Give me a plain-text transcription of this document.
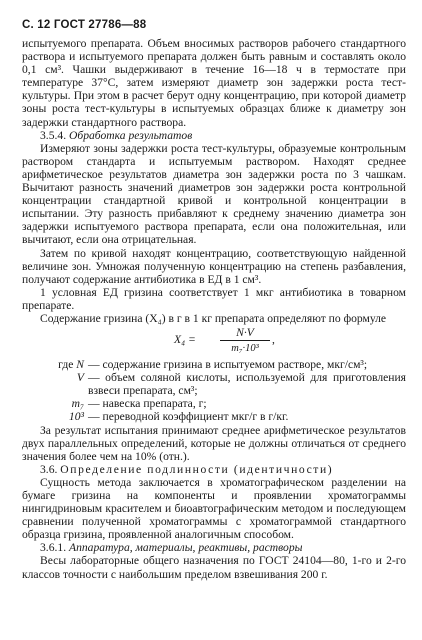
С. 12 ГОСТ 27786—88

испытуемого препарата. Объем вносимых растворов рабочего стандартного раствора и испытуемого препарата должен быть равным и составлять около 0,1 см³. Чашки выдерживают в течение 16—18 ч в термостате при температуре 37°С, затем измеряют диаметр зон задержки роста тест-культуры. При этом в расчет берут одну концентрацию, при которой диаметр зоны роста тест-культуры в испытуемых образцах ближе к диаметру зон задержки стандартного раствора.

3.5.4. Обработка результатов

Измеряют зоны задержки роста тест-культуры, образуемые контрольным раствором стандарта и испытуемым раствором. Находят среднее арифметическое результатов диаметра зон задержки роста по 3 чашкам. Вычитают разность значений диаметров зон задержки роста контрольной концентрации стандартной кривой и контрольной концентрации в испытании. Эту разность прибавляют к среднему значению диаметра зон задержки испытуемого раствора препарата, если она положительная, или вычитают, если она отрицательная.

Затем по кривой находят концентрацию, соответствующую найденной величине зон. Умножая полученную концентрацию на степень разбавления, получают содержание антибиотика в ЕД в 1 см³.

1 условная ЕД гризина соответствует 1 мкг антибиотика в товарном препарате.

Содержание гризина (X₄) в г в 1 кг препарата определяют по формуле

$X_4 = \frac{N\cdot V}{\text{m₇·10³}}$ ,
где N — содержание гризина в испытуемом растворе, мкг/см³;
V — объем соляной кислоты, используемой для приготовления взвеси препарата, см³;
m₇ — навеска препарата, г;
10³ — переводной коэффициент мкг/г в г/кг.

За результат испытания принимают среднее арифметическое результатов двух параллельных определений, которые не должны отличаться от среднего значения более чем на 10% (отн.).

3.6. Определение подлинности (идентичности)

Сущность метода заключается в хроматографическом разделении на бумаге гризина на компоненты и проявлении хроматограммы нингидриновым красителем и биоавтографическим методом и последующем сравнении полученной хроматограммы с хроматограммой стандартного образца гризина, проявленной аналогичным способом.

3.6.1. Аппаратура, материалы, реактивы, растворы

Весы лабораторные общего назначения по ГОСТ 24104—80, 1-го и 2-го классов точности с наибольшим пределом взвешивания 200 г.
